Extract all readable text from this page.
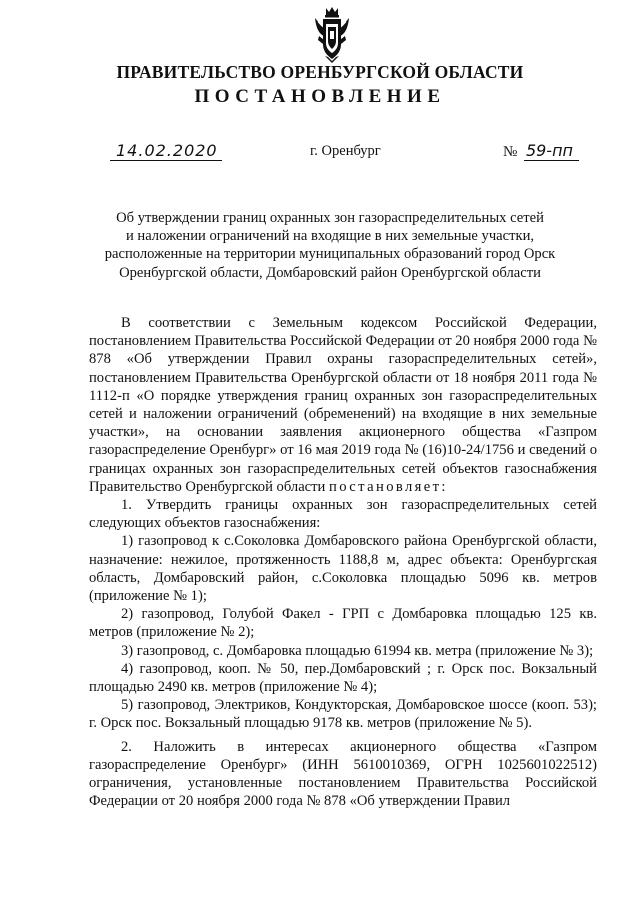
ПРАВИТЕЛЬСТВО ОРЕНБУРГСКОЙ ОБЛАСТИ
ПОСТАНОВЛЕНИЕ
14.02.2020	г. Оренбург	№ 59-пп
Об утверждении границ охранных зон газораспределительных сетей
и наложении ограничений на входящие в них земельные участки,
расположенные на территории муниципальных образований город Орск
Оренбургской области, Домбаровский район Оренбургской области

В соответствии с Земельным кодексом Российской Федерации, постановлением Правительства Российской Федерации от 20 ноября 2000 года № 878 «Об утверждении Правил охраны газораспределительных сетей», постановлением Правительства Оренбургской области от 18 ноября 2011 года № 1112-п «О порядке утверждения границ охранных зон газораспределительных сетей и наложении ограничений (обременений) на входящие в них земельные участки», на основании заявления акционерного общества «Газпром газораспределение Оренбург» от 16 мая 2019 года № (16)10-24/1756 и сведений о границах охранных зон газораспределительных сетей объектов газоснабжения Правительство Оренбургской области постановляет:

1. Утвердить границы охранных зон газораспределительных сетей следующих объектов газоснабжения:

1) газопровод к с.Соколовка Домбаровского района Оренбургской области, назначение: нежилое, протяженность 1188,8 м, адрес объекта: Оренбургская область, Домбаровский район, с.Соколовка площадью 5096 кв. метров (приложение № 1);

2) газопровод, Голубой Факел - ГРП с Домбаровка площадью 125 кв. метров (приложение № 2);

3) газопровод, с. Домбаровка площадью 61994 кв. метра (приложение № 3);

4) газопровод, кооп. № 50, пер.Домбаровский ; г. Орск пос. Вокзальный площадью 2490 кв. метров (приложение № 4);

5) газопровод, Электриков, Кондукторская, Домбаровское шоссе (кооп. 53); г. Орск пос. Вокзальный площадью 9178 кв. метров (приложение № 5).

2. Наложить в интересах акционерного общества «Газпром газораспределение Оренбург» (ИНН 5610010369, ОГРН 1025601022512) ограничения, установленные постановлением Правительства Российской Федерации от 20 ноября 2000 года № 878 «Об утверждении Правил
